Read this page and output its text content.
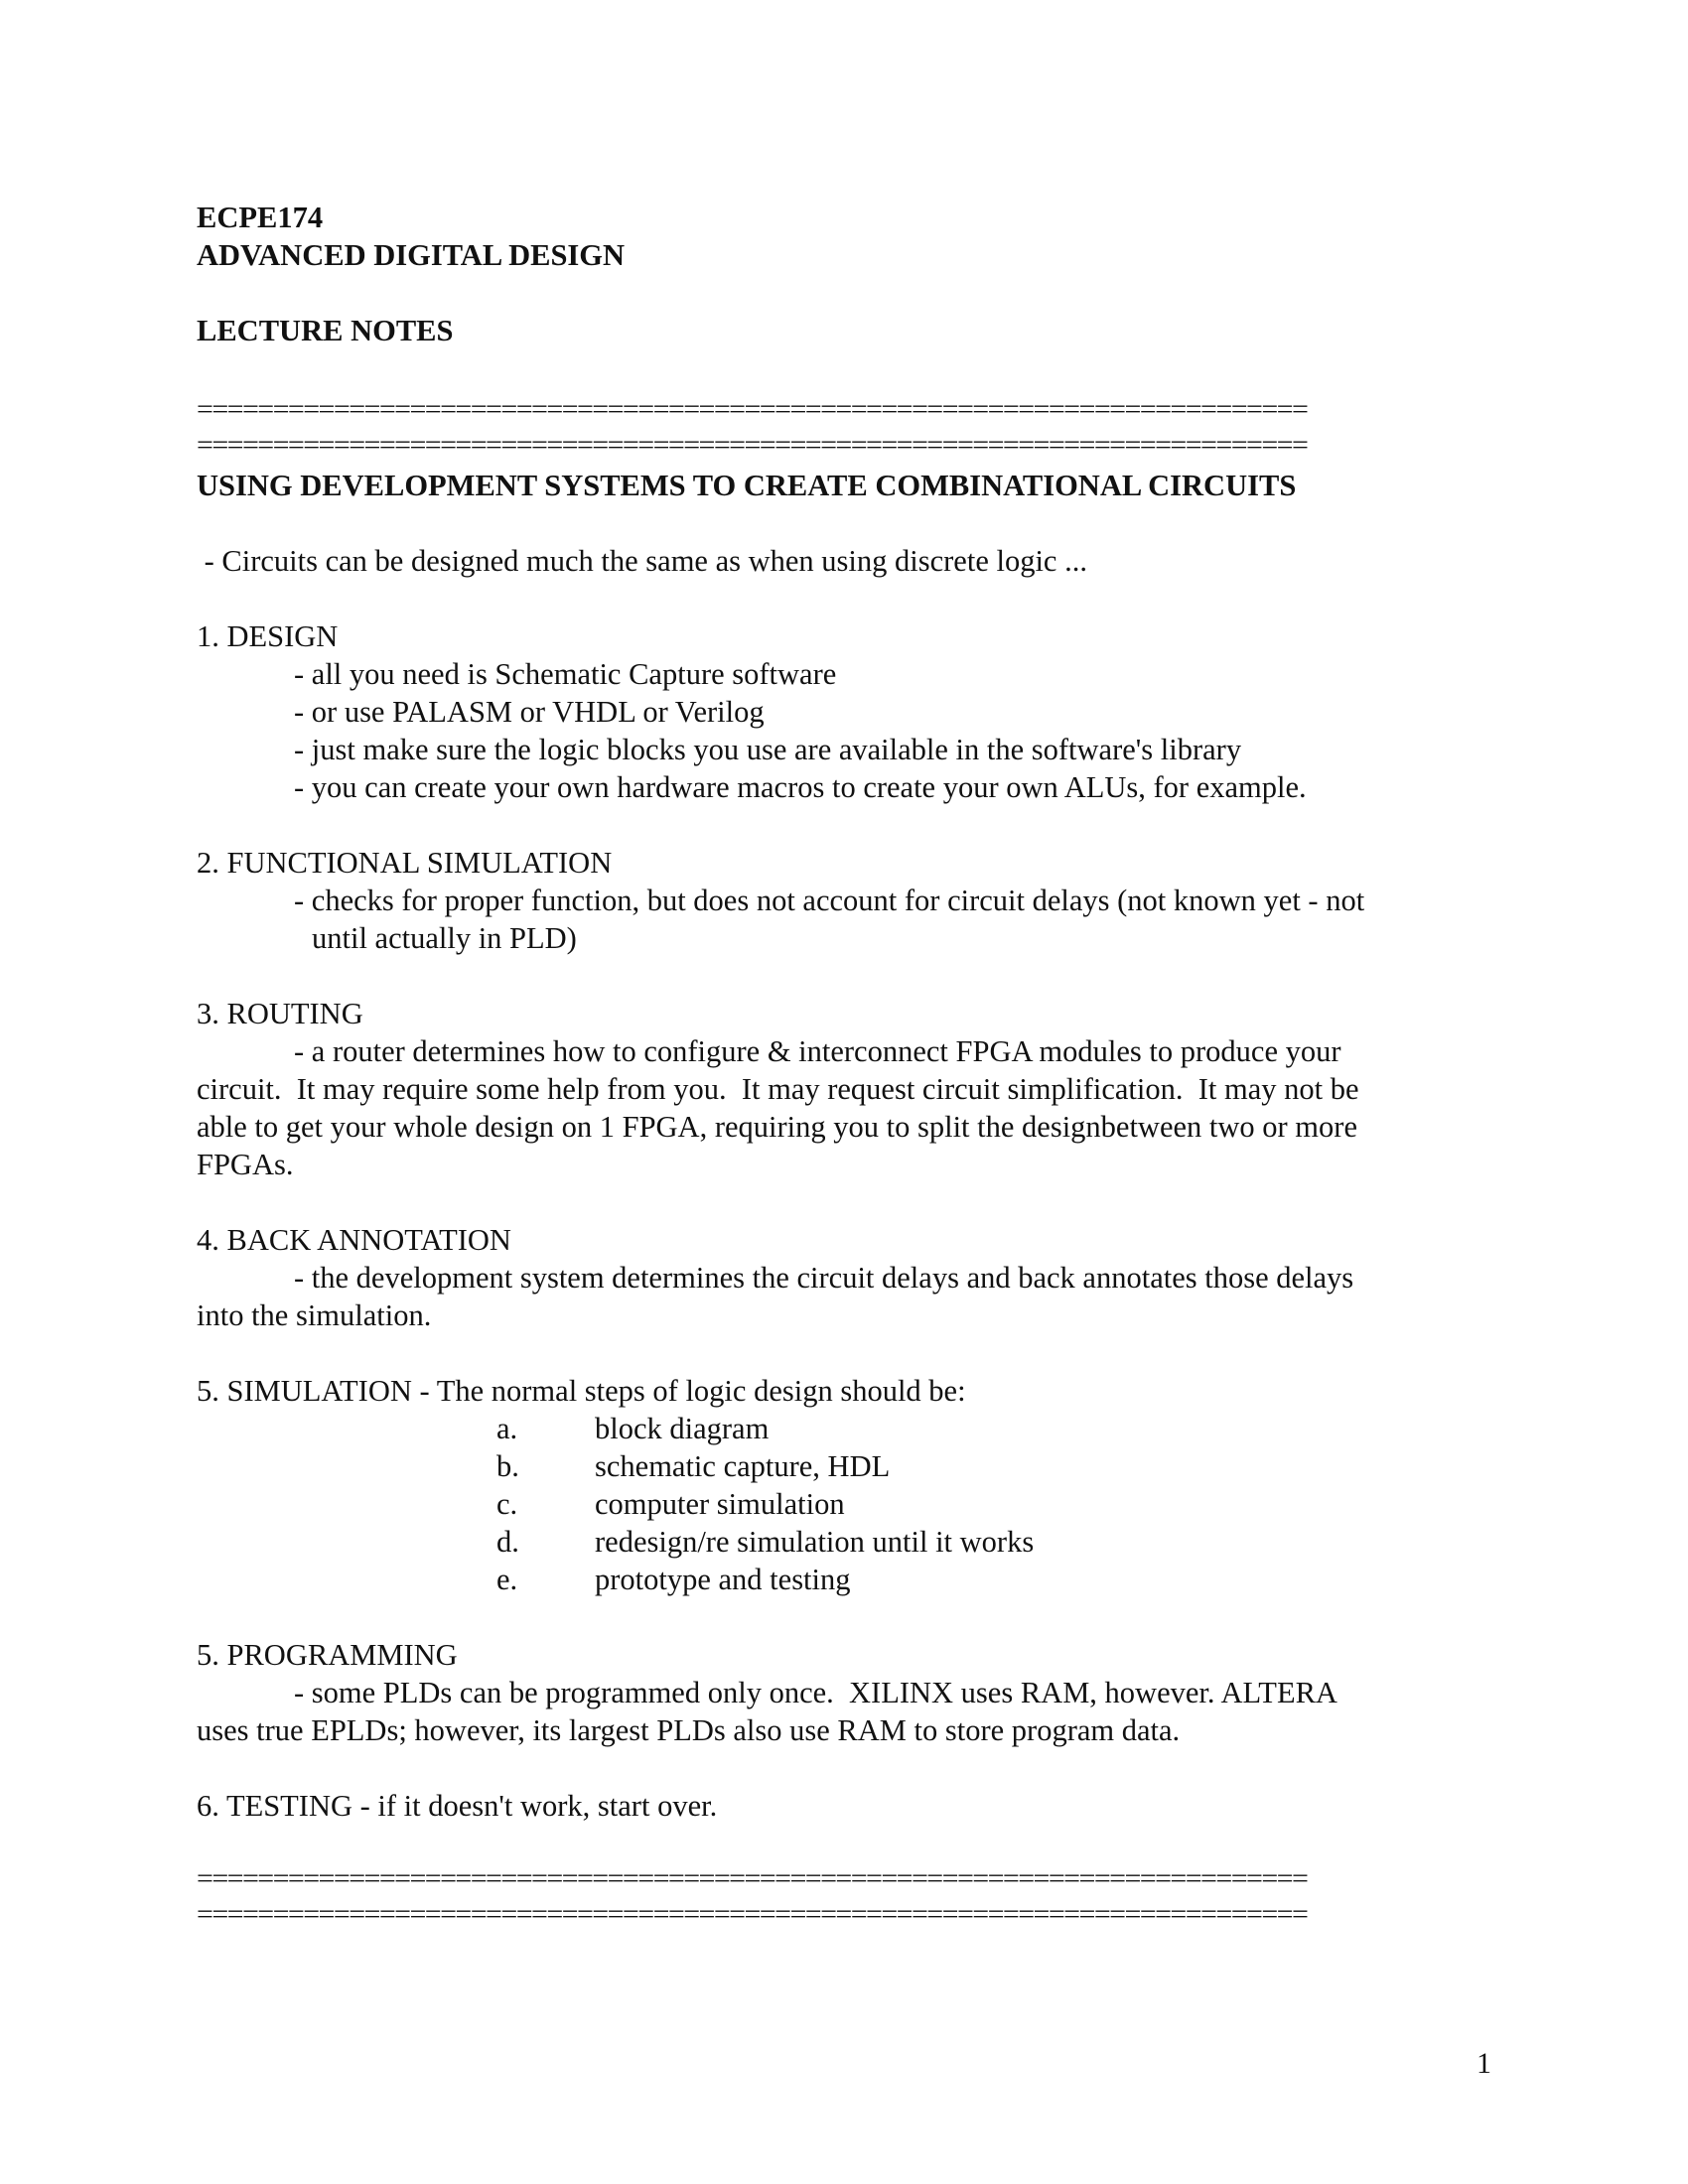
ECPE174
ADVANCED DIGITAL DESIGN
LECTURE NOTES
=========================================================================
=========================================================================
USING DEVELOPMENT SYSTEMS TO CREATE COMBINATIONAL CIRCUITS
- Circuits can be designed much the same as when using discrete logic ...
1. DESIGN
- all you need is Schematic Capture software
- or use PALASM or VHDL or Verilog
- just make sure the logic blocks you use are available in the software's library
- you can create your own hardware macros to create your own ALUs, for example.
2. FUNCTIONAL SIMULATION
- checks for proper function, but does not account for circuit delays (not known yet - not
until actually in PLD)
3. ROUTING
- a router determines how to configure & interconnect FPGA modules to produce your
circuit.  It may require some help from you.  It may request circuit simplification.  It may not be
able to get your whole design on 1 FPGA, requiring you to split the designbetween two or more
FPGAs.
4. BACK ANNOTATION
- the development system determines the circuit delays and back annotates those delays
into the simulation.
5. SIMULATION - The normal steps of logic design should be:
a.	block diagram
b. schematic capture, HDL
c.	computer simulation
d. redesign/re simulation until it works
e.	prototype and testing
5. PROGRAMMING
- some PLDs can be programmed only once.  XILINX uses RAM, however. ALTERA
uses true EPLDs; however, its largest PLDs also use RAM to store program data.
6. TESTING - if it doesn't work, start over.
=========================================================================
=========================================================================
1
